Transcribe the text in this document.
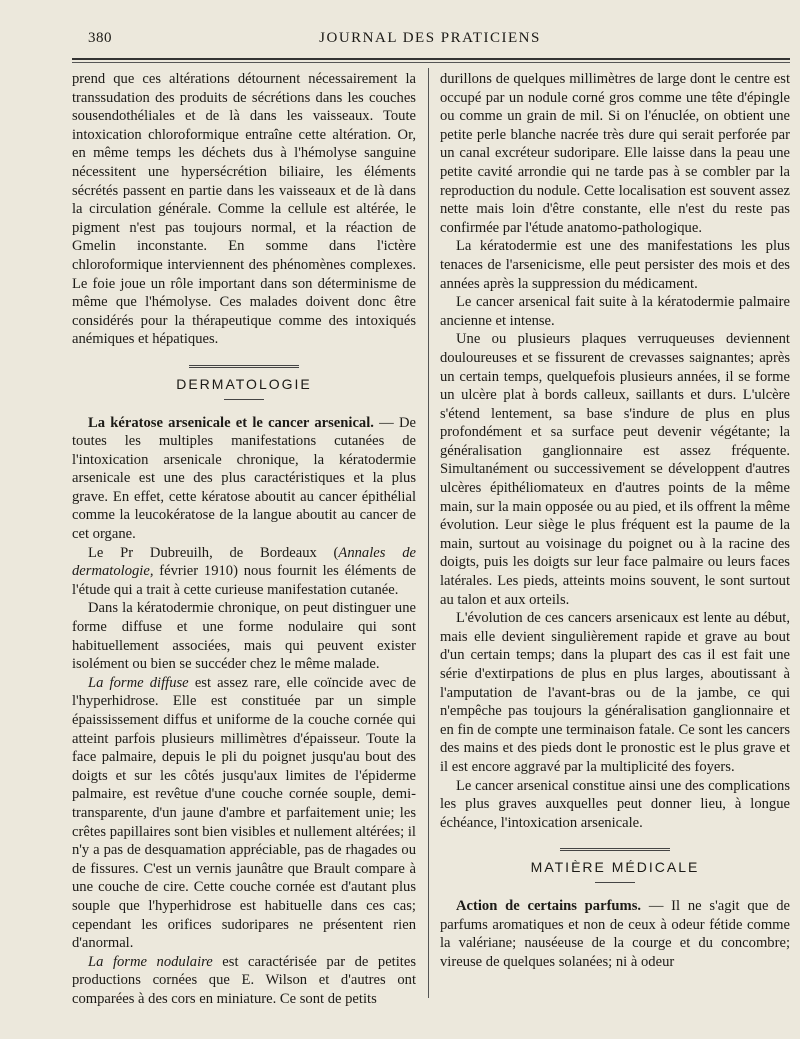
380	JOURNAL DES PRATICIENS

prend que ces altérations détournent nécessairement la transsudation des produits de sécrétions dans les couches sousendothéliales et de là dans les vaisseaux. Toute intoxication chloroformique entraîne cette altération. Or, en même temps les déchets dus à l'hémolyse sanguine nécessitent une hypersécrétion biliaire, les éléments sécrétés passent en partie dans les vaisseaux et de là dans la circulation générale. Comme la cellule est altérée, le pigment n'est pas toujours normal, et la réaction de Gmelin inconstante. En somme dans l'ictère chloroformique interviennent des phénomènes complexes. Le foie joue un rôle important dans son déterminisme de même que l'hémolyse. Ces malades doivent donc être considérés pour la thérapeutique comme des intoxiqués anémiques et hépatiques.

DERMATOLOGIE

La kératose arsenicale et le cancer arsenical. — De toutes les multiples manifestations cutanées de l'intoxication arsenicale chronique, la kératodermie arsenicale est une des plus caractéristiques et la plus grave. En effet, cette kératose aboutit au cancer épithélial comme la leucokératose de la langue aboutit au cancer de cet organe.

Le Pr Dubreuilh, de Bordeaux (Annales de dermatologie, février 1910) nous fournit les éléments de l'étude qui a trait à cette curieuse manifestation cutanée.

Dans la kératodermie chronique, on peut distinguer une forme diffuse et une forme nodulaire qui sont habituellement associées, mais qui peuvent exister isolément ou bien se succéder chez le même malade.

La forme diffuse est assez rare, elle coïncide avec de l'hyperhidrose. Elle est constituée par un simple épaississement diffus et uniforme de la couche cornée qui atteint parfois plusieurs millimètres d'épaisseur. Toute la face palmaire, depuis le pli du poignet jusqu'au bout des doigts et sur les côtés jusqu'aux limites de l'épiderme palmaire, est revêtue d'une couche cornée souple, demi-transparente, d'un jaune d'ambre et parfaitement unie; les crêtes papillaires sont bien visibles et nullement altérées; il n'y a pas de desquamation appréciable, pas de rhagades ou de fissures. C'est un vernis jaunâtre que Brault compare à une couche de cire. Cette couche cornée est d'autant plus souple que l'hyperhidrose est habituelle dans ces cas; cependant les orifices sudoripares ne présentent rien d'anormal.

La forme nodulaire est caractérisée par de petites productions cornées que E. Wilson et d'autres ont comparées à des cors en miniature. Ce sont de petits

durillons de quelques millimètres de large dont le centre est occupé par un nodule corné gros comme une tête d'épingle ou comme un grain de mil. Si on l'énuclée, on obtient une petite perle blanche nacrée très dure qui serait perforée par un canal excréteur sudoripare. Elle laisse dans la peau une petite cavité arrondie qui ne tarde pas à se combler par la reproduction du nodule. Cette localisation est souvent assez nette mais loin d'être constante, elle n'est du reste pas confirmée par l'étude anatomo-pathologique.

La kératodermie est une des manifestations les plus tenaces de l'arsenicisme, elle peut persister des mois et des années après la suppression du médicament.

Le cancer arsenical fait suite à la kératodermie palmaire ancienne et intense.

Une ou plusieurs plaques verruqueuses deviennent douloureuses et se fissurent de crevasses saignantes; après un certain temps, quelquefois plusieurs années, il se forme un ulcère plat à bords calleux, saillants et durs. L'ulcère s'étend lentement, sa base s'indure de plus en plus profondément et sa surface peut devenir végétante; la généralisation ganglionnaire est assez fréquente. Simultanément ou successivement se développent d'autres ulcères épithéliomateux en d'autres points de la même main, sur la main opposée ou au pied, et ils offrent la même évolution. Leur siège le plus fréquent est la paume de la main, surtout au voisinage du poignet ou à la racine des doigts, puis les doigts sur leur face palmaire ou leurs faces latérales. Les pieds, atteints moins souvent, le sont surtout au talon et aux orteils.

L'évolution de ces cancers arsenicaux est lente au début, mais elle devient singulièrement rapide et grave au bout d'un certain temps; dans la plupart des cas il est fait une série d'extirpations de plus en plus larges, aboutissant à l'amputation de l'avant-bras ou de la jambe, ce qui n'empêche pas toujours la généralisation ganglionnaire et en fin de compte une terminaison fatale. Ce sont les cancers des mains et des pieds dont le pronostic est le plus grave et il est encore aggravé par la multiplicité des foyers.

Le cancer arsenical constitue ainsi une des complications les plus graves auxquelles peut donner lieu, à longue échéance, l'intoxication arsenicale.

MATIÈRE MÉDICALE

Action de certains parfums. — Il ne s'agit que de parfums aromatiques et non de ceux à odeur fétide comme la valériane; nauséeuse de la courge et du concombre; vireuse de quelques solanées; ni à odeur
